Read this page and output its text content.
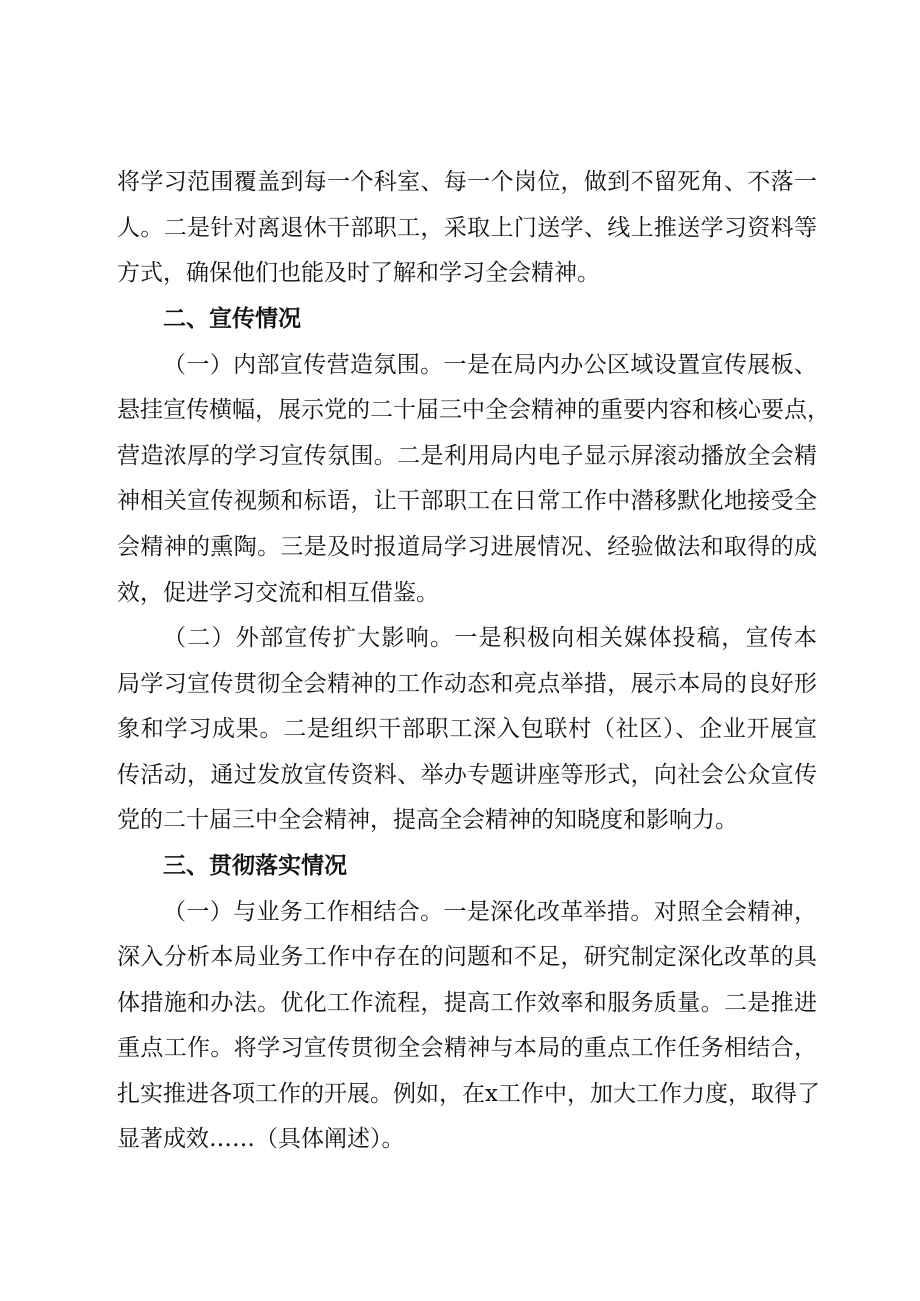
将学习范围覆盖到每一个科室、每一个岗位，做到不留死角、不落一

人。二是针对离退休干部职工，采取上门送学、线上推送学习资料等

方式，确保他们也能及时了解和学习全会精神。

二、宣传情况

（一）内部宣传营造氛围。一是在局内办公区域设置宣传展板、

悬挂宣传横幅，展示党的二十届三中全会精神的重要内容和核心要点，

营造浓厚的学习宣传氛围。二是利用局内电子显示屏滚动播放全会精

神相关宣传视频和标语，让干部职工在日常工作中潜移默化地接受全

会精神的熏陶。三是及时报道局学习进展情况、经验做法和取得的成

效，促进学习交流和相互借鉴。

（二）外部宣传扩大影响。一是积极向相关媒体投稿，宣传本

局学习宣传贯彻全会精神的工作动态和亮点举措，展示本局的良好形

象和学习成果。二是组织干部职工深入包联村（社区）、企业开展宣

传活动，通过发放宣传资料、举办专题讲座等形式，向社会公众宣传

党的二十届三中全会精神，提高全会精神的知晓度和影响力。

三、贯彻落实情况

（一）与业务工作相结合。一是深化改革举措。对照全会精神，

深入分析本局业务工作中存在的问题和不足，研究制定深化改革的具

体措施和办法。优化工作流程，提高工作效率和服务质量。二是推进

重点工作。将学习宣传贯彻全会精神与本局的重点工作任务相结合，

扎实推进各项工作的开展。例如，在x工作中，加大工作力度，取得了

显著成效……（具体阐述）。
